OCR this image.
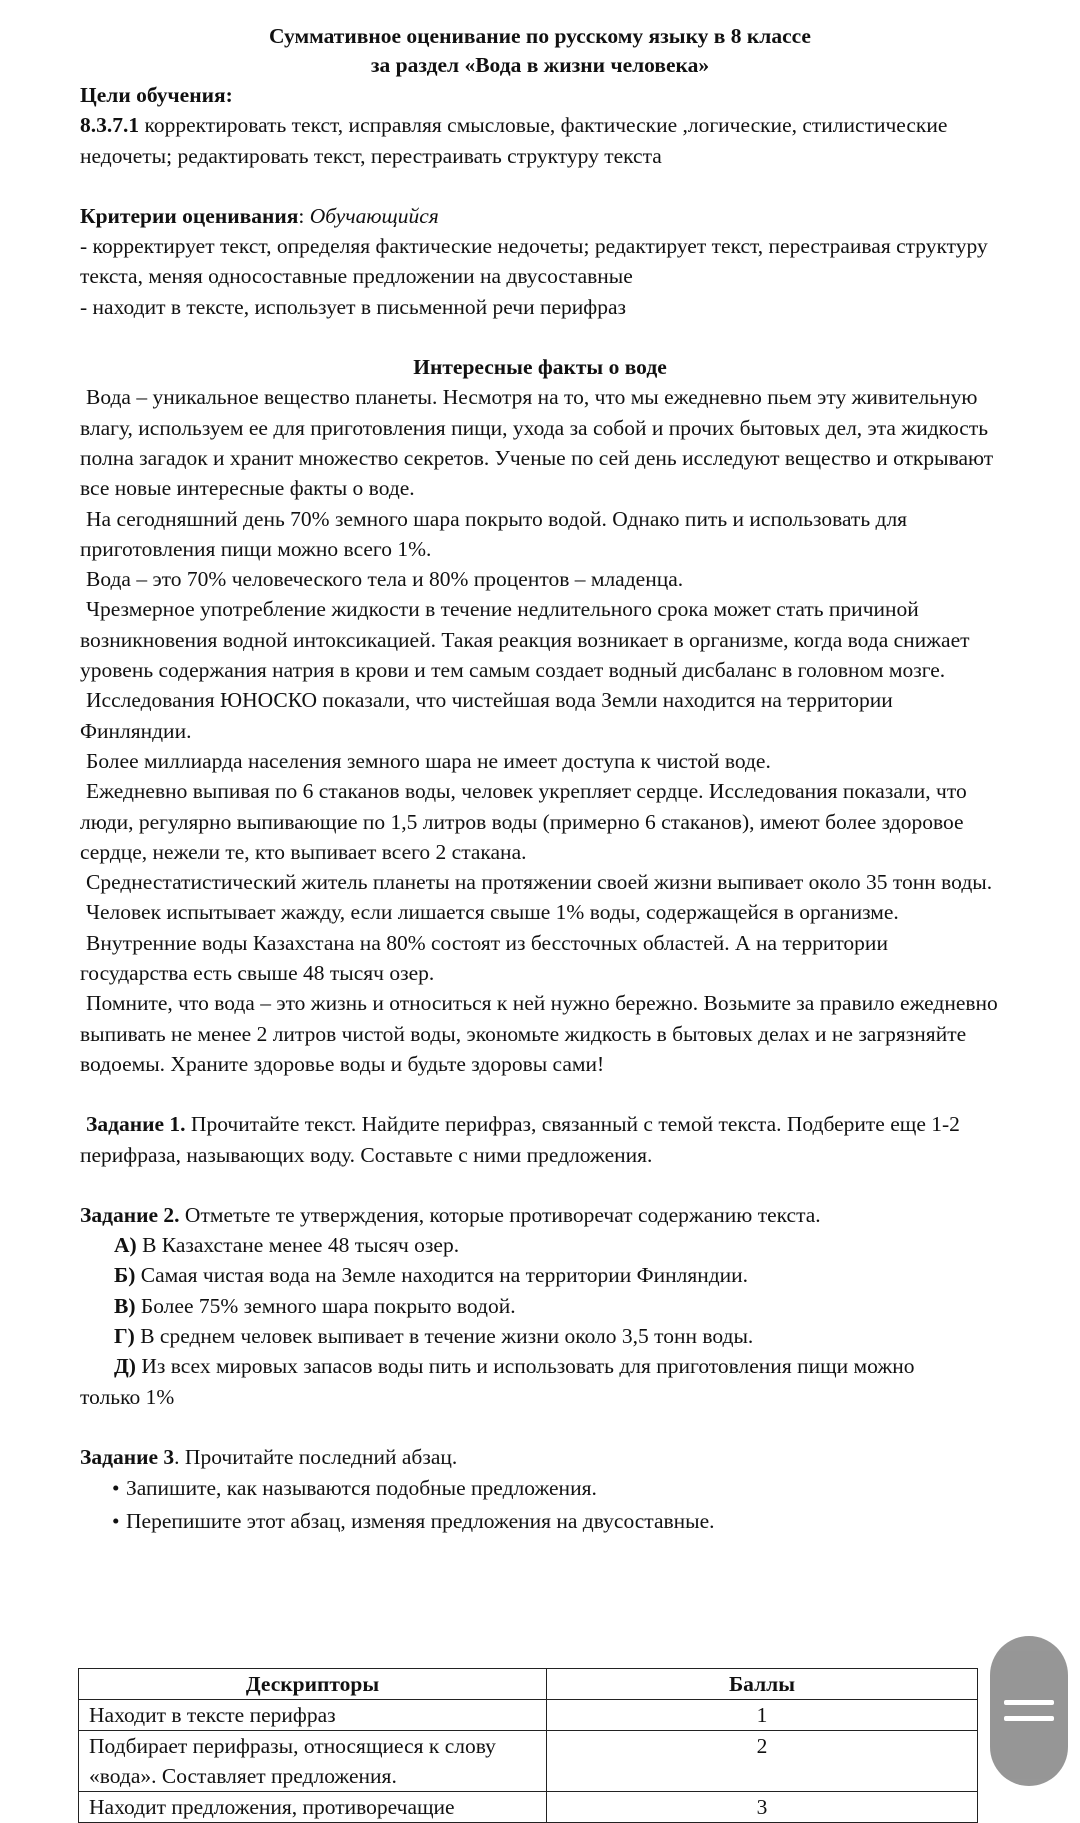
Суммативное оценивание по русскому языку в 8 классе
за раздел «Вода в жизни человека»
Цели обучения:
8.3.7.1 корректировать текст, исправляя смысловые, фактические ,логические, стилистические недочеты; редактировать текст, перестраивать структуру текста
Критерии оценивания: Обучающийся
- корректирует текст, определяя фактические недочеты; редактирует текст, перестраивая структуру текста, меняя односоставные предложении на двусоставные
- находит в тексте, использует в письменной речи перифраз
Интересные факты о воде
Вода – уникальное вещество планеты. Несмотря на то, что мы ежедневно пьем эту живительную влагу, используем ее для приготовления пищи, ухода за собой и прочих бытовых дел, эта жидкость полна загадок и хранит множество секретов. Ученые по сей день исследуют вещество и открывают все новые интересные факты о воде.
На сегодняшний день 70% земного шара покрыто водой. Однако пить и использовать для приготовления пищи можно всего 1%.
Вода – это 70% человеческого тела и 80% процентов – младенца.
Чрезмерное употребление жидкости в течение недлительного срока может стать причиной возникновения водной интоксикацией. Такая реакция возникает в организме, когда вода снижает уровень содержания натрия в крови и тем самым создает водный дисбаланс в головном мозге.
Исследования ЮНОСКО показали, что чистейшая вода Земли находится на территории Финляндии.
Более миллиарда населения земного шара не имеет доступа к чистой воде.
Ежедневно выпивая по 6 стаканов воды, человек укрепляет сердце. Исследования показали, что люди, регулярно выпивающие по 1,5 литров воды (примерно 6 стаканов), имеют более здоровое сердце, нежели те, кто выпивает всего 2 стакана.
Среднестатистический житель планеты на протяжении своей жизни выпивает около 35 тонн воды.
Человек испытывает жажду, если лишается свыше 1% воды, содержащейся в организме.
Внутренние воды Казахстана на 80% состоят из бессточных областей. А на территории государства есть свыше 48 тысяч озер.
Помните, что вода – это жизнь и относиться к ней нужно бережно. Возьмите за правило ежедневно выпивать не менее 2 литров чистой воды, экономьте жидкость в бытовых делах и не загрязняйте водоемы. Храните здоровье воды и будьте здоровы сами!
Задание 1. Прочитайте текст. Найдите перифраз, связанный с темой текста. Подберите еще 1-2 перифраза, называющих воду. Составьте с ними предложения.
Задание 2. Отметьте те утверждения, которые противоречат содержанию текста.
А) В Казахстане менее 48 тысяч озер.
Б) Самая чистая вода на Земле находится на территории Финляндии.
В) Более 75% земного шара покрыто водой.
Г) В среднем человек выпивает в течение жизни около 3,5 тонн воды.
Д) Из всех мировых запасов воды пить и использовать для приготовления пищи можно
только 1%
Задание 3. Прочитайте последний абзац.
• Запишите, как называются подобные предложения.
• Перепишите этот абзац, изменяя предложения на двусоставные.
Дескрипторы	Баллы
Находит в тексте перифраз	1
Подбирает перифразы, относящиеся к слову «вода». Составляет предложения.	2
Находит предложения, противоречащие	3
